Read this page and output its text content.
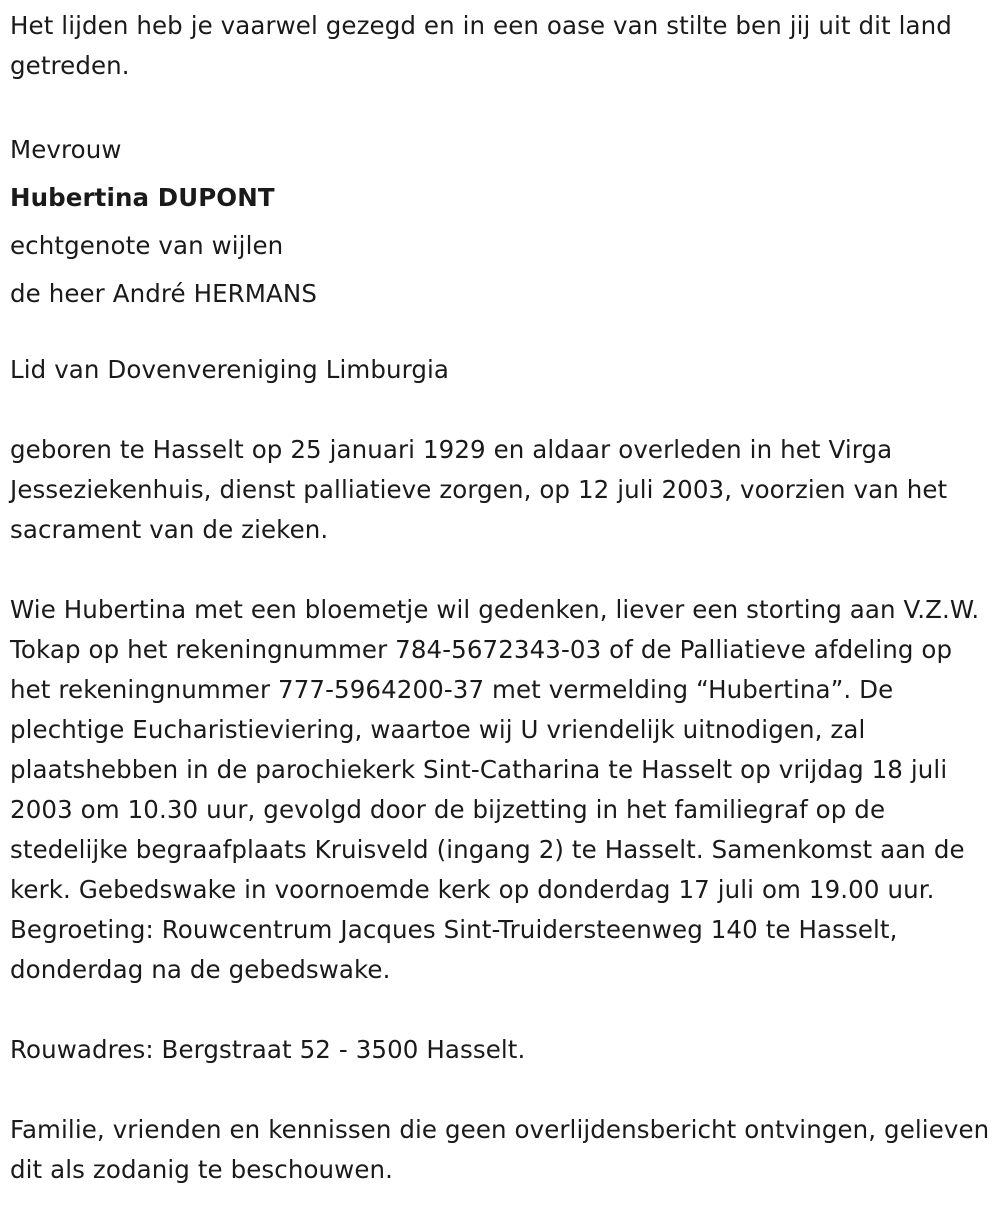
Het lijden heb je vaarwel gezegd en in een oase van stilte ben jij uit dit land getreden.

Mevrouw
Hubertina DUPONT
echtgenote van wijlen
de heer André HERMANS

Lid van Dovenvereniging Limburgia

geboren te Hasselt op 25 januari 1929 en aldaar overleden in het Virga Jesseziekenhuis, dienst palliatieve zorgen, op 12 juli 2003, voorzien van het sacrament van de zieken.

Wie Hubertina met een bloemetje wil gedenken, liever een storting aan V.Z.W. Tokap op het rekeningnummer 784-5672343-03 of de Palliatieve afdeling op het rekeningnummer 777-5964200-37 met vermelding “Hubertina”. De plechtige Eucharistieviering, waartoe wij U vriendelijk uitnodigen, zal plaatshebben in de parochiekerk Sint-Catharina te Hasselt op vrijdag 18 juli 2003 om 10.30 uur, gevolgd door de bijzetting in het familiegraf op de stedelijke begraafplaats Kruisveld (ingang 2) te Hasselt. Samenkomst aan de kerk. Gebedswake in voornoemde kerk op donderdag 17 juli om 19.00 uur. Begroeting: Rouwcentrum Jacques Sint-Truidersteenweg 140 te Hasselt, donderdag na de gebedswake.

Rouwadres: Bergstraat 52 - 3500 Hasselt.

Familie, vrienden en kennissen die geen overlijdensbericht ontvingen, gelieven dit als zodanig te beschouwen.
